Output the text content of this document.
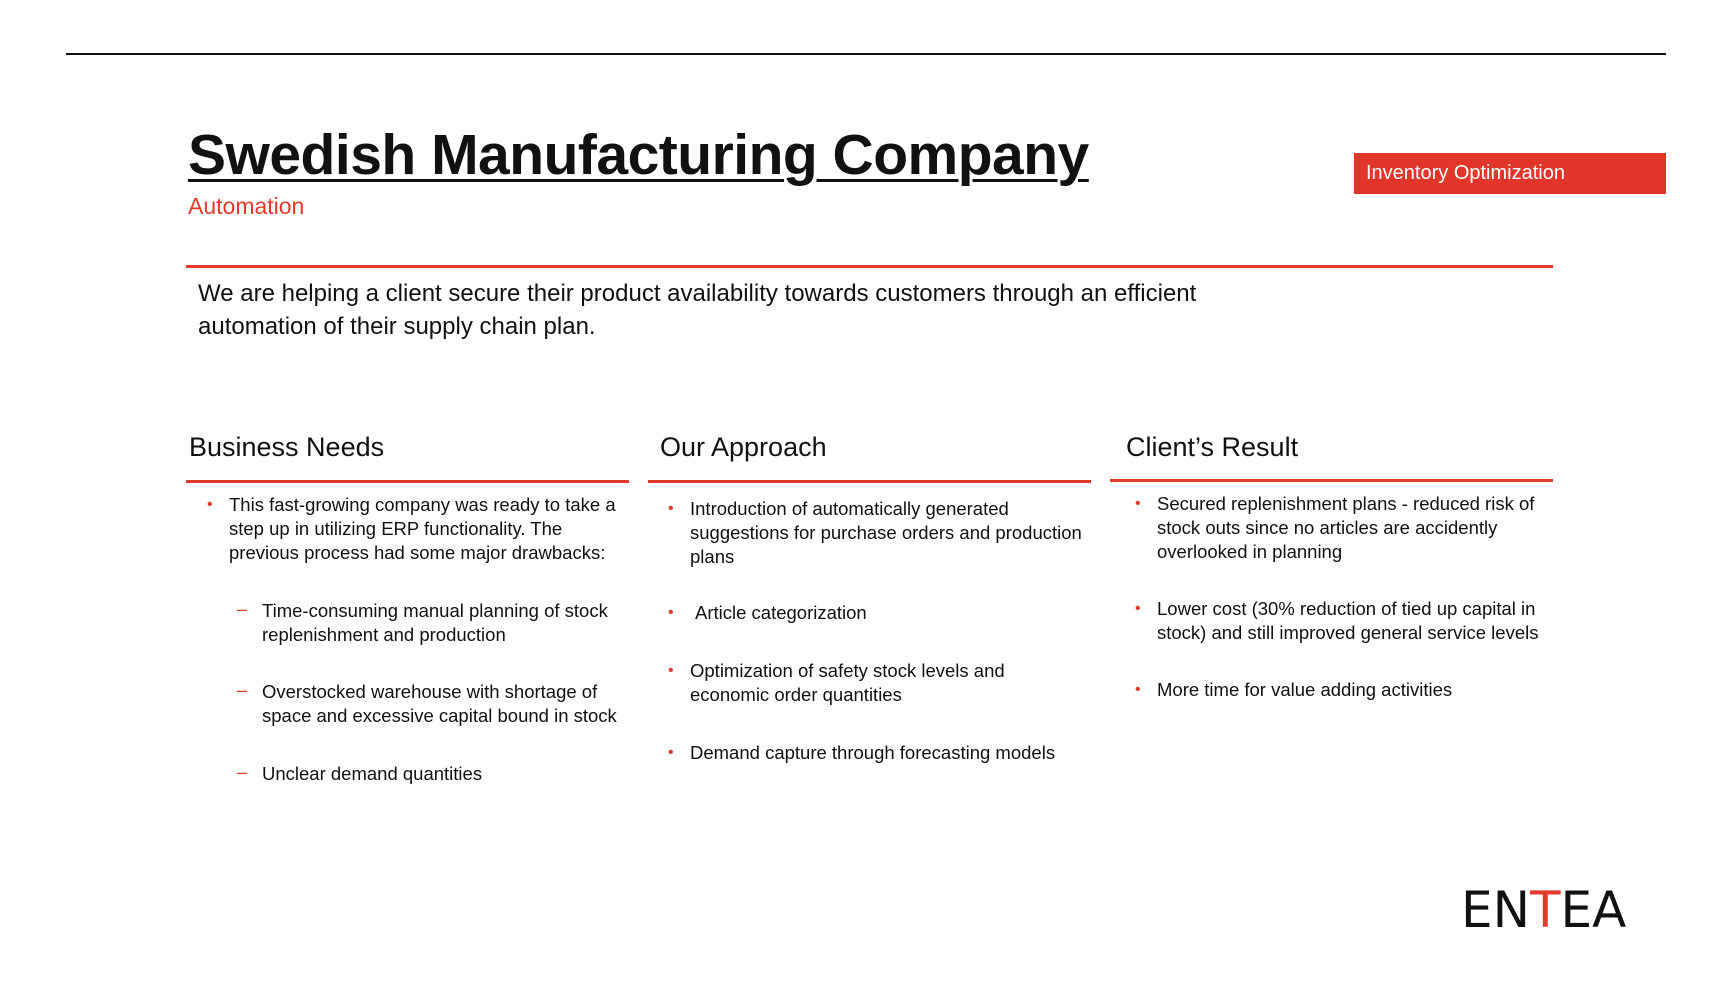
Swedish Manufacturing Company
Automation
Inventory Optimization

We are helping a client secure their product availability towards customers through an efficient automation of their supply chain plan.

Business Needs
• This fast-growing company was ready to take a step up in utilizing ERP functionality. The previous process had some major drawbacks:
– Time-consuming manual planning of stock replenishment and production
– Overstocked warehouse with shortage of space and excessive capital bound in stock
– Unclear demand quantities
Our Approach
• Introduction of automatically generated suggestions for purchase orders and production plans
•	Article categorization
• Optimization of safety stock levels and economic order quantities
• Demand capture through forecasting models
Client’s Result
• Secured replenishment plans - reduced risk of stock outs since no articles are accidently overlooked in planning
• Lower cost (30% reduction of tied up capital in stock) and still improved general service levels
• More time for value adding activities
ENTEA
